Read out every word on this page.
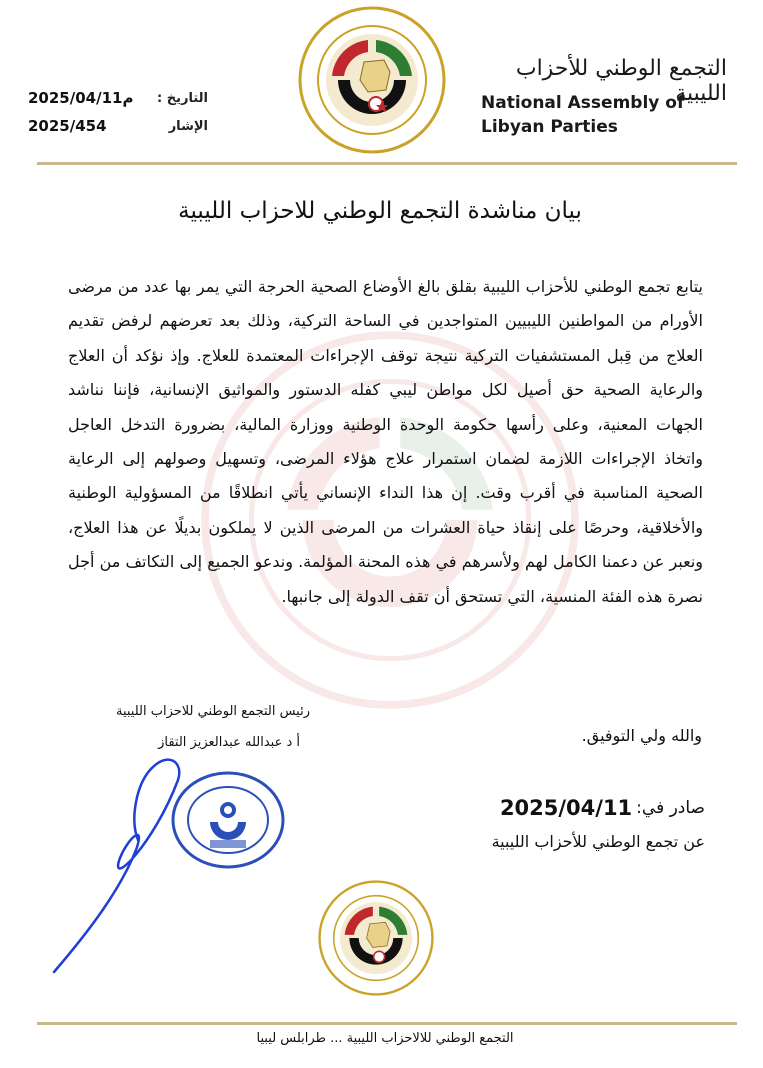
2025/04/11م التاريخ :
2025/454	الإشار
التجمع الوطني للأحزاب الليبية
National Assembly of Libyan Parties
بيان مناشدة التجمع الوطني للاحزاب الليبية
يتابع تجمع الوطني للأحزاب الليبية بقلق بالغ الأوضاع الصحية الحرجة التي يمر بها عدد من مرضى الأورام من المواطنين الليبيين المتواجدين في الساحة التركية، وذلك بعد تعرضهم لرفض تقديم العلاج من قِبل المستشفيات التركية نتيجة توقف الإجراءات المعتمدة للعلاج. وإذ نؤكد أن العلاج والرعاية الصحية حق أصيل لكل مواطن ليبي كفله الدستور والمواثيق الإنسانية، فإننا نناشد الجهات المعنية، وعلى رأسها حكومة الوحدة الوطنية ووزارة المالية، بضرورة التدخل العاجل واتخاذ الإجراءات اللازمة لضمان استمرار علاج هؤلاء المرضى، وتسهيل وصولهم إلى الرعاية الصحية المناسبة في أقرب وقت. إن هذا النداء الإنساني يأتي انطلاقًا من المسؤولية الوطنية والأخلاقية، وحرصًا على إنقاذ حياة العشرات من المرضى الذين لا يملكون بديلًا عن هذا العلاج، ونعبر عن دعمنا الكامل لهم ولأسرهم في هذه المحنة المؤلمة. وندعو الجميع إلى التكاتف من أجل نصرة هذه الفئة المنسية، التي تستحق أن تقف الدولة إلى جانبها.
والله ولي التوفيق.
صادر في:
2025/04/11
عن تجمع الوطني للأحزاب الليبية
رئيس التجمع الوطني للاحزاب الليبية
أ د عبدالله عبدالعزيز التقاز
التجمع الوطني للالاحزاب الليبية ... طرابلس ليبيا
